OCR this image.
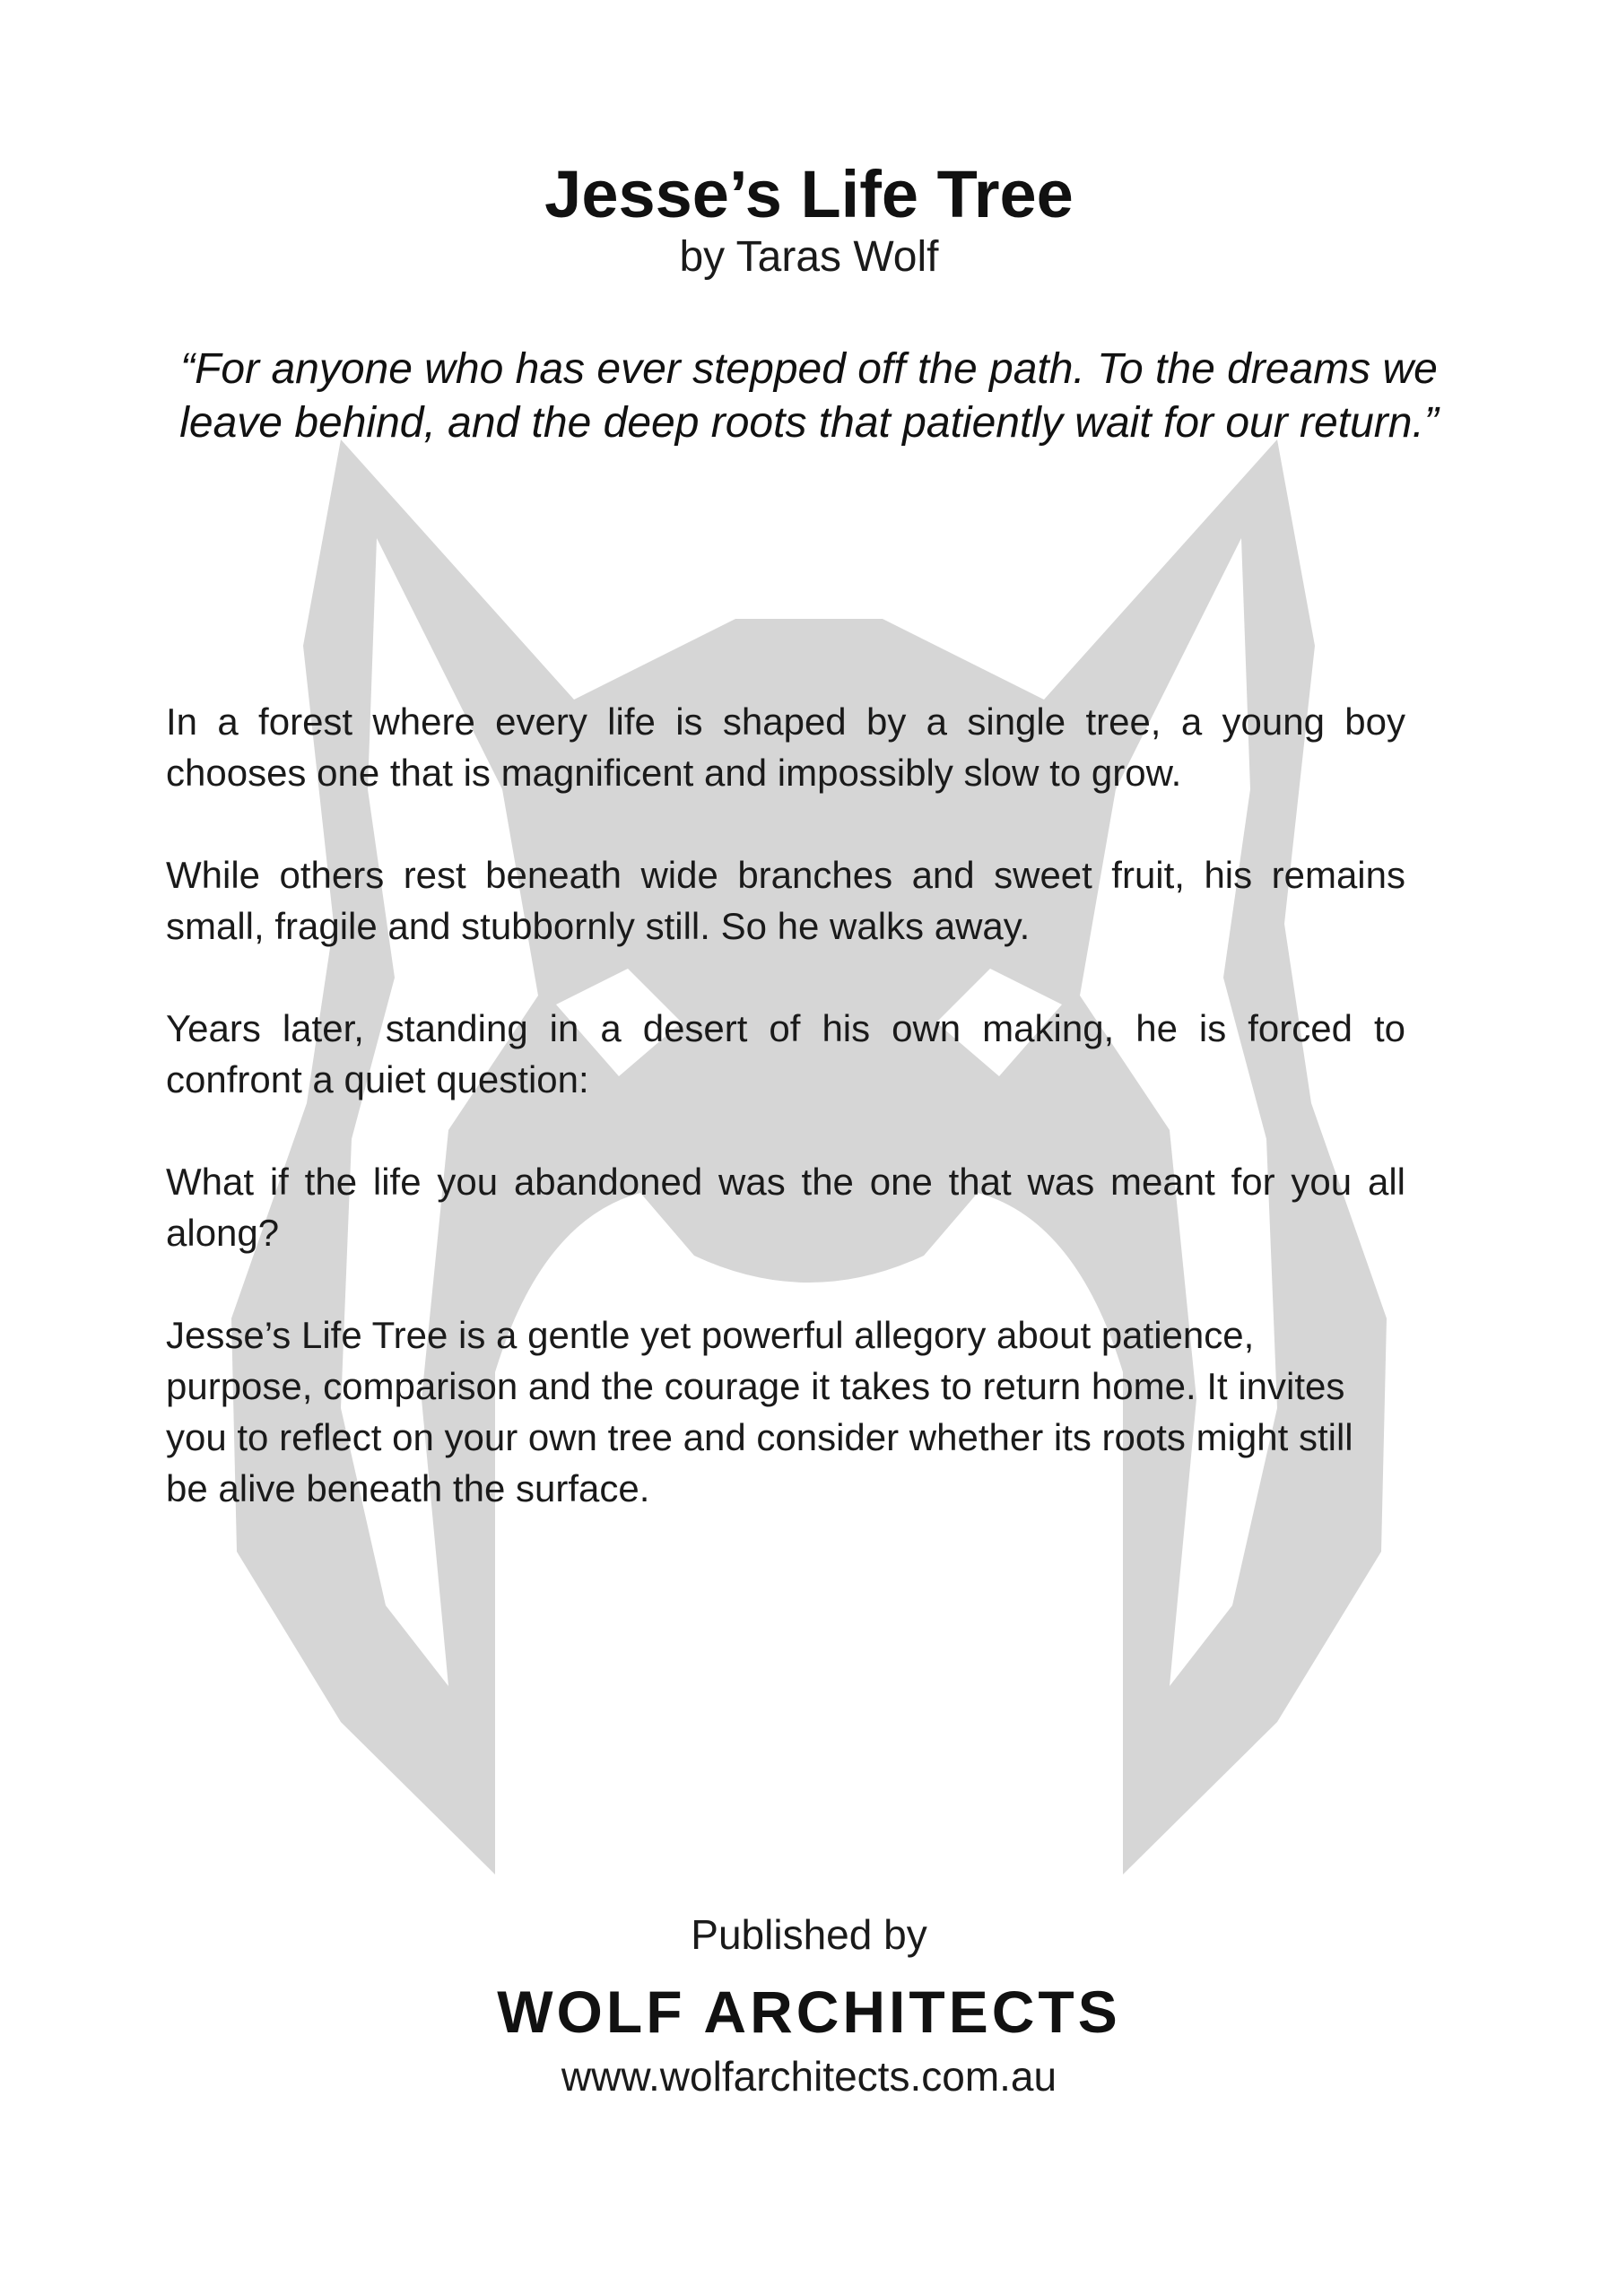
Jesse’s Life Tree
by Taras Wolf
“For anyone who has ever stepped off the path. To the dreams we leave behind, and the deep roots that patiently wait for our return.”

In a forest where every life is shaped by a single tree, a young boy chooses one that is magnificent and impossibly slow to grow.

While others rest beneath wide branches and sweet fruit, his remains small, fragile and stubbornly still. So he walks away.

Years later, standing in a desert of his own making, he is forced to confront a quiet question:

What if the life you abandoned was the one that was meant for you all along?

Jesse’s Life Tree is a gentle yet powerful allegory about patience, purpose, comparison and the courage it takes to return home. It invites you to reflect on your own tree and consider whether its roots might still be alive beneath the surface.

Published by
WOLF ARCHITECTS
www.wolfarchitects.com.au
